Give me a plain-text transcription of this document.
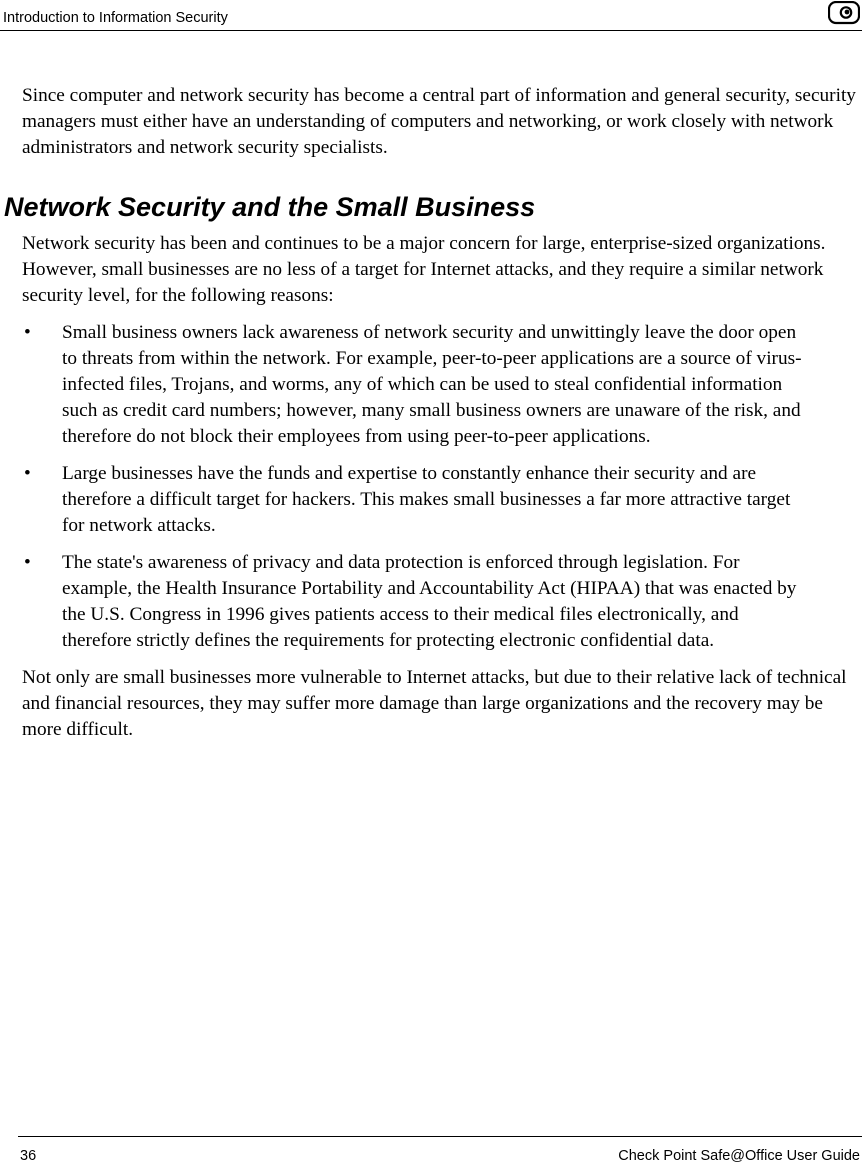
Introduction to Information Security

Since computer and network security has become a central part of information and general security, security managers must either have an understanding of computers and networking, or work closely with network administrators and network security specialists.

Network Security and the Small Business

Network security has been and continues to be a major concern for large, enterprise-sized organizations. However, small businesses are no less of a target for Internet attacks, and they require a similar network security level, for the following reasons:

• Small business owners lack awareness of network security and unwittingly leave the door open to threats from within the network. For example, peer-to-peer applications are a source of virus-infected files, Trojans, and worms, any of which can be used to steal confidential information such as credit card numbers; however, many small business owners are unaware of the risk, and therefore do not block their employees from using peer-to-peer applications.
• Large businesses have the funds and expertise to constantly enhance their security and are therefore a difficult target for hackers. This makes small businesses a far more attractive target for network attacks.
• The state's awareness of privacy and data protection is enforced through legislation. For example, the Health Insurance Portability and Accountability Act (HIPAA) that was enacted by the U.S. Congress in 1996 gives patients access to their medical files electronically, and therefore strictly defines the requirements for protecting electronic confidential data.

Not only are small businesses more vulnerable to Internet attacks, but due to their relative lack of technical and financial resources, they may suffer more damage than large organizations and the recovery may be more difficult.

36	Check Point Safe@Office User Guide
